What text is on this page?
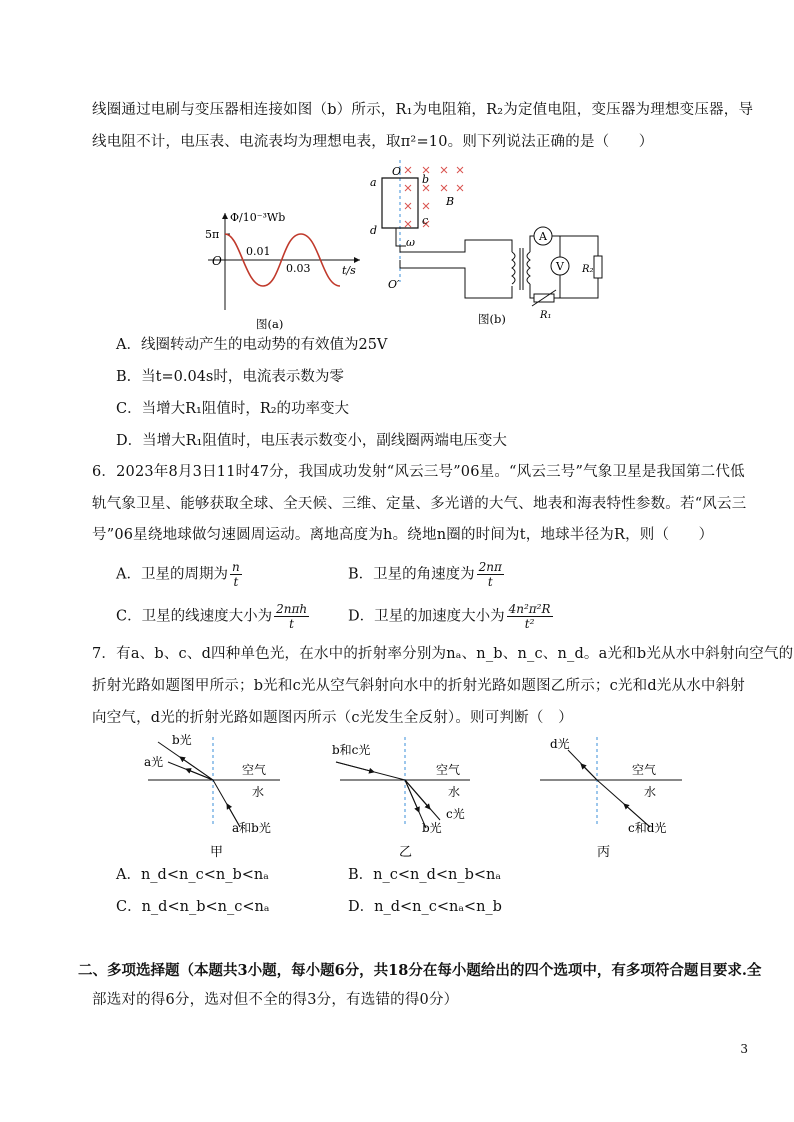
线圈通过电刷与变压器相连接如图（b）所示，R₁为电阻箱，R₂为定值电阻，变压器为理想变压器，导
线电阻不计，电压表、电流表均为理想电表，取π²=10。则下列说法正确的是（　　）
Φ/10⁻³Wb
5π
O
0.01
0.03	t/s
图(a)
A
V R₂
R₁
O
a	b
B
c
d
ω
O′
图(b)
A．线圈转动产生的电动势的有效值为25V
B．当t=0.04s时，电流表示数为零
C．当增大R₁阻值时，R₂的功率变大
D．当增大R₁阻值时，电压表示数变小，副线圈两端电压变大
6．2023年8月3日11时47分，我国成功发射“风云三号”06星。“风云三号”气象卫星是我国第二代低
轨气象卫星、能够获取全球、全天候、三维、定量、多光谱的大气、地表和海表特性参数。若“风云三
号”06星绕地球做匀速圆周运动。离地高度为h。绕地n圈的时间为t，地球半径为R，则（　　）
A．卫星的周期为 $\frac{n}{t}$	B．卫星的角速度为 $\frac{2n\pi}{t}$
C．卫星的线速度大小为 $\frac{\text{2nπh}}{t}$	D．卫星的加速度大小为 $\frac{\text{4n²π²R}}{\text{t²}}$
7．有a、b、c、d四种单色光，在水中的折射率分别为nₐ、n_b、n_c、n_d。a光和b光从水中斜射向空气的
折射光路如题图甲所示；b光和c光从空气斜射向水中的折射光路如题图乙所示；c光和d光从水中斜射
向空气，d光的折射光路如题图丙所示（c光发生全反射）。则可判断（　）
b光
a光
空气
水
a和b光
甲
b和c光
空气
水
c光
b光
乙
d光
空气
水
c和d光
丙
A．n_d<n_c<n_b<nₐ	B．n_c<n_d<n_b<nₐ
C．n_d<n_b<n_c<nₐ	D．n_d<n_c<nₐ<n_b
二、多项选择题（本题共3小题，每小题6分，共18分在每小题给出的四个选项中，有多项符合题目要求.全
部选对的得6分，选对但不全的得3分，有选错的得0分）
3
